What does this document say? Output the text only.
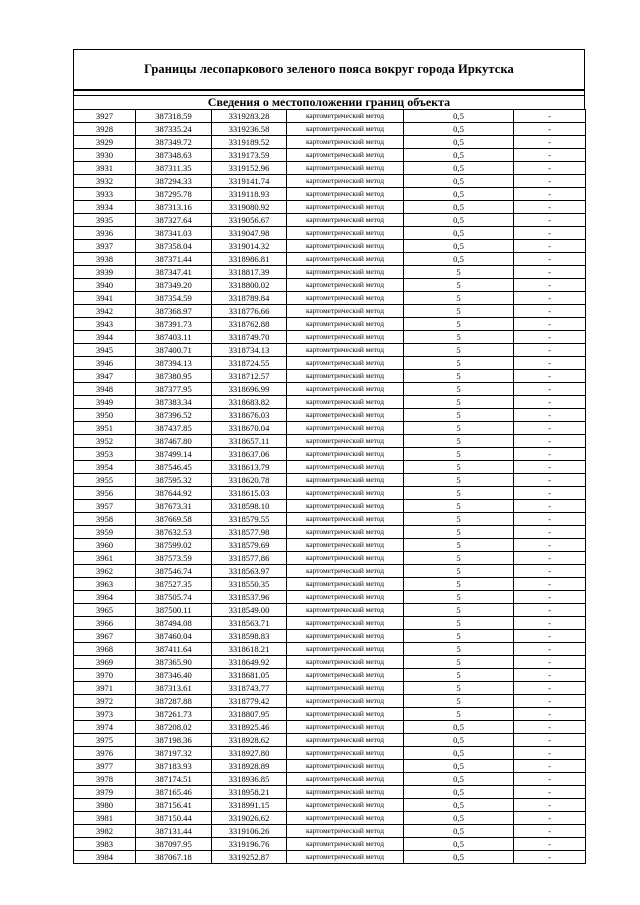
Границы лесопаркового зеленого пояса вокруг города Иркутска
Сведения о местоположении границ объекта
3927	387318.59	3319283.28	картометрический метод	0,5	-
3928	387335.24	3319236.58	картометрический метод	0,5	-
3929	387349.72	3319189.52	картометрический метод	0,5	-
3930	387348.63	3319173.59	картометрический метод	0,5	-
3931	387311.35	3319152.96	картометрический метод	0,5	-
3932	387294.33	3319141.74	картометрический метод	0,5	-
3933	387295.78	3319118.93	картометрический метод	0,5	-
3934	387313.16	3319080.92	картометрический метод	0,5	-
3935	387327.64	3319056.67	картометрический метод	0,5	-
3936	387341.03	3319047.98	картометрический метод	0,5	-
3937	387358.04	3319014.32	картометрический метод	0,5	-
3938	387371.44	3318986.81	картометрический метод	0,5	-
3939	387347.41	3318817.39	картометрический метод	5	-
3940	387349.20	3318800.02	картометрический метод	5	-
3941	387354.59	3318789.84	картометрический метод	5	-
3942	387368.97	3318776.66	картометрический метод	5	-
3943	387391.73	3318762.88	картометрический метод	5	-
3944	387403.11	3318749.70	картометрический метод	5	-
3945	387400.71	3318734.13	картометрический метод	5	-
3946	387394.13	3318724.55	картометрический метод	5	-
3947	387380.95	3318712.57	картометрический метод	5	-
3948	387377.95	3318696.99	картометрический метод	5	-
3949	387383.34	3318683.82	картометрический метод	5	-
3950	387396.52	3318676.03	картометрический метод	5	-
3951	387437.85	3318670.04	картометрический метод	5	-
3952	387467.80	3318657.11	картометрический метод	5	-
3953	387499.14	3318637.06	картометрический метод	5	-
3954	387546.45	3318613.79	картометрический метод	5	-
3955	387595.32	3318620.78	картометрический метод	5	-
3956	387644.92	3318615.03	картометрический метод	5	-
3957	387673.31	3318598.10	картометрический метод	5	-
3958	387669.58	3318579.55	картометрический метод	5	-
3959	387632.53	3318577.98	картометрический метод	5	-
3960	387599.02	3318579.69	картометрический метод	5	-
3961	387573.59	3318577.86	картометрический метод	5	-
3962	387546.74	3318563.97	картометрический метод	5	-
3963	387527.35	3318550.35	картометрический метод	5	-
3964	387505.74	3318537.96	картометрический метод	5	-
3965	387500.11	3318549.00	картометрический метод	5	-
3966	387494.08	3318563.71	картометрический метод	5	-
3967	387460.04	3318598.83	картометрический метод	5	-
3968	387411.64	3318618.21	картометрический метод	5	-
3969	387365.90	3318649.92	картометрический метод	5	-
3970	387346.40	3318681.05	картометрический метод	5	-
3971	387313.61	3318743.77	картометрический метод	5	-
3972	387287.88	3318779.42	картометрический метод	5	-
3973	387261.73	3318807.95	картометрический метод	5	-
3974	387208.02	3318925.46	картометрический метод	0,5	-
3975	387198.36	3318928.62	картометрический метод	0,5	-
3976	387197.32	3318927.80	картометрический метод	0,5	-
3977	387183.93	3318928.89	картометрический метод	0,5	-
3978	387174.51	3318936.85	картометрический метод	0,5	-
3979	387165.46	3318958.21	картометрический метод	0,5	-
3980	387156.41	3318991.15	картометрический метод	0,5	-
3981	387150.44	3319026.62	картометрический метод	0,5	-
3982	387131.44	3319106.26	картометрический метод	0,5	-
3983	387097.95	3319196.76	картометрический метод	0,5	-
3984	387067.18	3319252.87	картометрический метод	0,5	-
